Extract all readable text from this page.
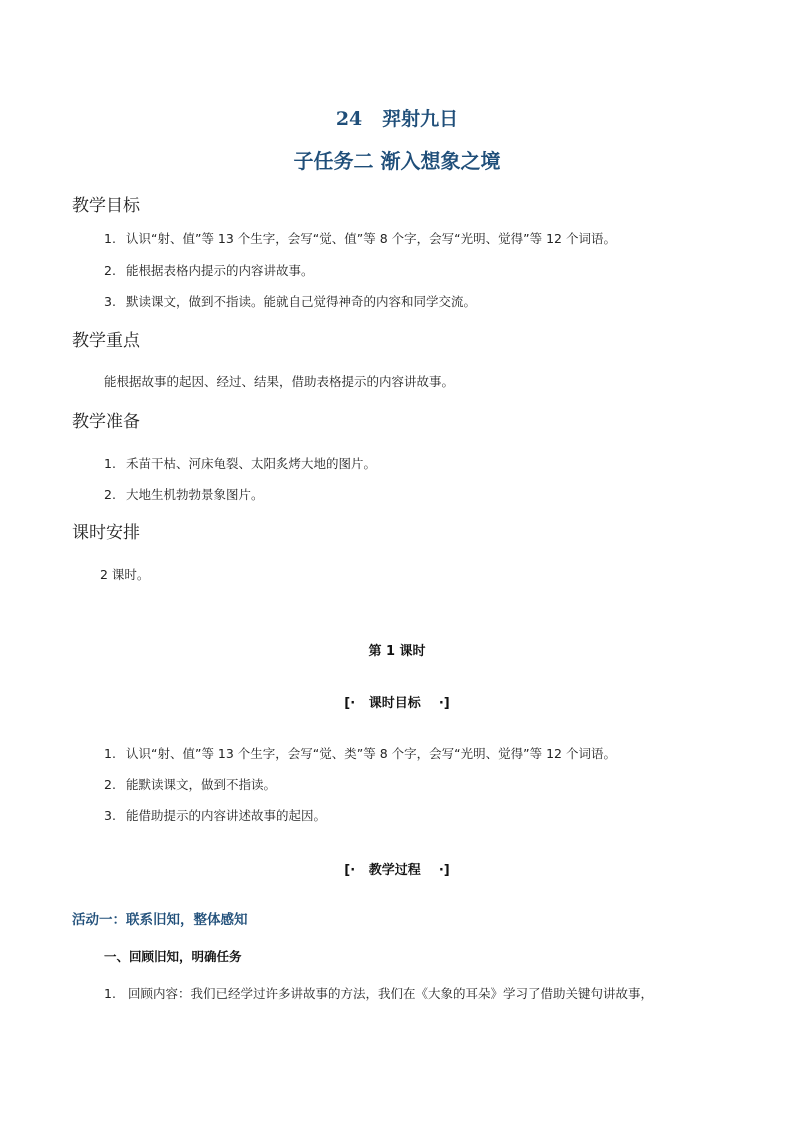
24 羿射九日
子任务二 渐入想象之境
教学目标
1. 认识“射、值”等 13 个生字，会写“觉、值”等 8 个字，会写“光明、觉得”等 12 个词语。
2. 能根据表格内提示的内容讲故事。
3. 默读课文，做到不指读。能就自己觉得神奇的内容和同学交流。
教学重点
能根据故事的起因、经过、结果，借助表格提示的内容讲故事。
教学准备
1. 禾苗干枯、河床龟裂、太阳炙烤大地的图片。
2. 大地生机勃勃景象图片。
课时安排
2 课时。
第 1 课时
[· 课时目标 ·]
1. 认识“射、值”等 13 个生字，会写“觉、类”等 8 个字，会写“光明、觉得”等 12 个词语。
2. 能默读课文，做到不指读。
3. 能借助提示的内容讲述故事的起因。
[· 教学过程 ·]
活动一：联系旧知，整体感知
一、回顾旧知，明确任务
1. 回顾内容：我们已经学过许多讲故事的方法，我们在《大象的耳朵》学习了借助关键句讲故事，
